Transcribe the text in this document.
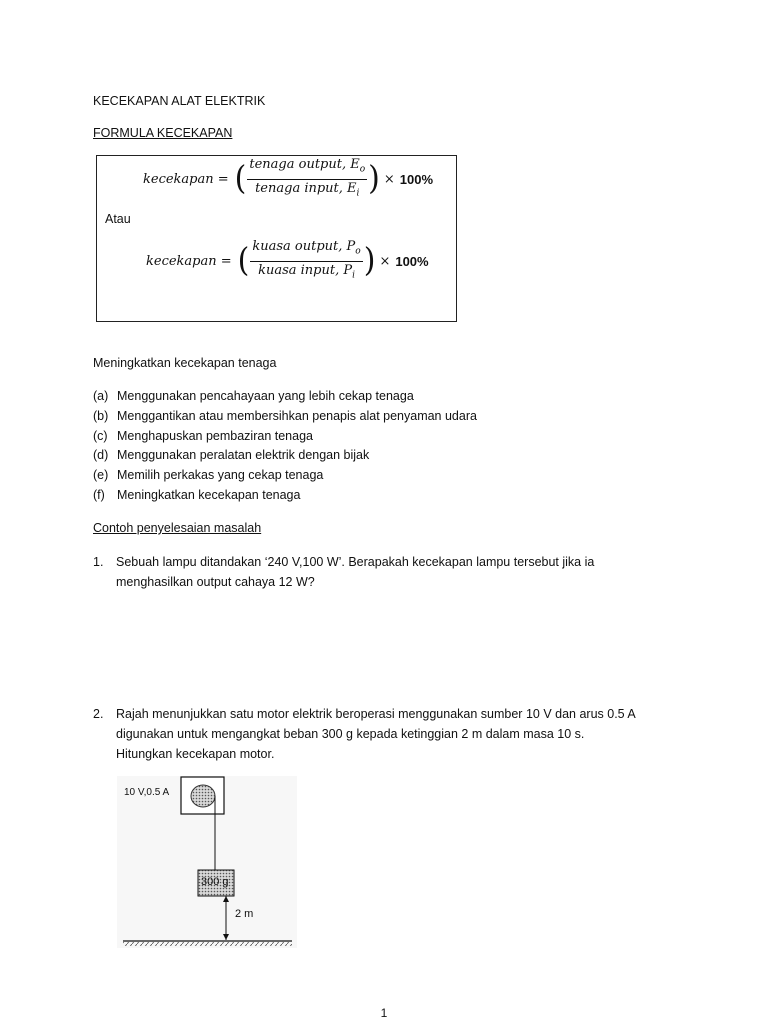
KECEKAPAN ALAT ELEKTRIK
FORMULA KECEKAPAN
kecekapan = ( $\frac{tenaga output, E_o}{tenaga input, E_i}$ ) × 100%
Atau
kecekapan = ( $\frac{kuasa output, P_o}{kuasa input, P_i}$ ) × 100%
Meningkatkan kecekapan tenaga
(a) Menggunakan pencahayaan yang lebih cekap tenaga
(b) Menggantikan atau membersihkan penapis alat penyaman udara
(c) Menghapuskan pembaziran tenaga
(d) Menggunakan peralatan elektrik dengan bijak
(e) Memilih perkakas yang cekap tenaga
(f) Meningkatkan kecekapan tenaga
Contoh penyelesaian masalah
1. Sebuah lampu ditandakan ‘240 V,100 W’. Berapakah kecekapan lampu tersebut jika ia
menghasilkan output cahaya 12 W?
2. Rajah menunjukkan satu motor elektrik beroperasi menggunakan sumber 10 V dan arus 0.5 A
digunakan untuk mengangkat beban 300 g kepada ketinggian 2 m dalam masa 10 s.
Hitungkan kecekapan motor.
10 V,0.5 A
300 g
2 m
1
